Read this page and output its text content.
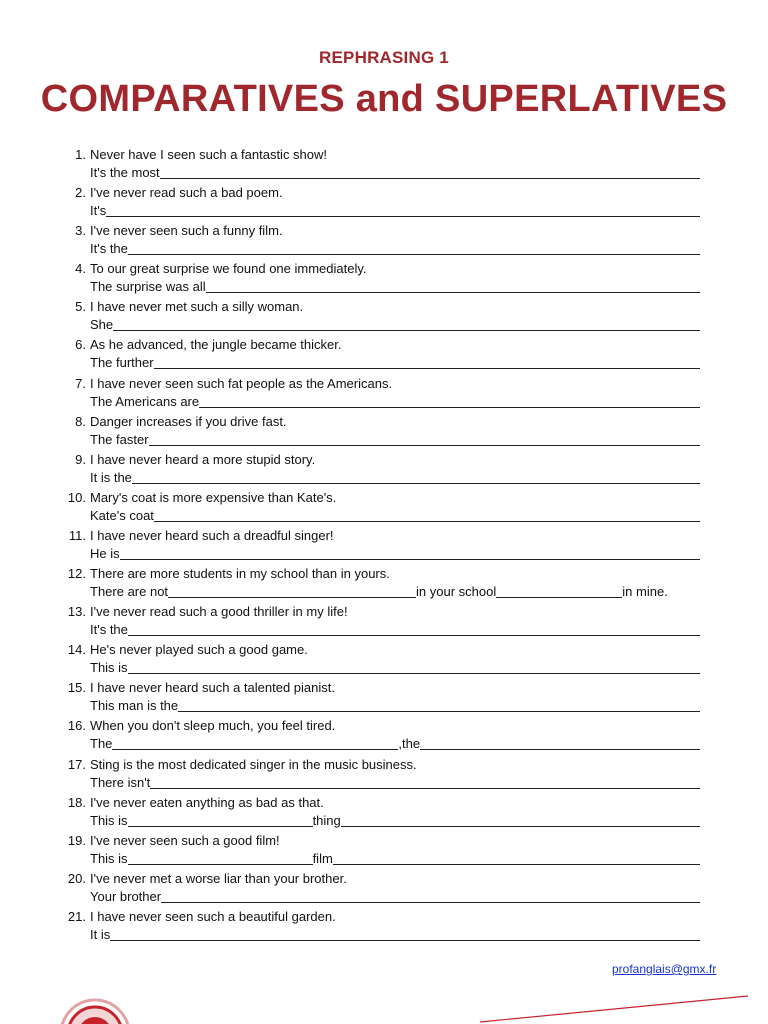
REPHRASING 1
COMPARATIVES and SUPERLATIVES
1. Never have I seen such a fantastic show!
It's the most
2. I've never read such a bad poem.
It's
3. I've never seen such a funny film.
It's the
4. To our great surprise we found one immediately.
The surprise was all
5. I have never met such a silly woman.
She
6. As he advanced, the jungle became thicker.
The further
7. I have never seen such fat people as the Americans.
The Americans are
8. Danger increases if you drive fast.
The faster
9. I have never heard a more stupid story.
It is the
10. Mary's coat is more expensive than Kate's.
Kate's coat
11. I have never heard such a dreadful singer!
He is
12. There are more students in my school than in yours.
There are not	in your school	in mine.
13. I've never read such a good thriller in my life!
It's the
14. He's never played such a good game.
This is
15. I have never heard such a talented pianist.
This man is the
16. When you don't sleep much, you feel tired.
The	,the
17. Sting is the most dedicated singer in the music business.
There isn't
18. I've never eaten anything as bad as that.
This is	thing
19. I've never seen such a good film!
This is	film
20. I've never met a worse liar than your brother.
Your brother
21. I have never seen such a beautiful garden.
It is
profanglais@gmx.fr
